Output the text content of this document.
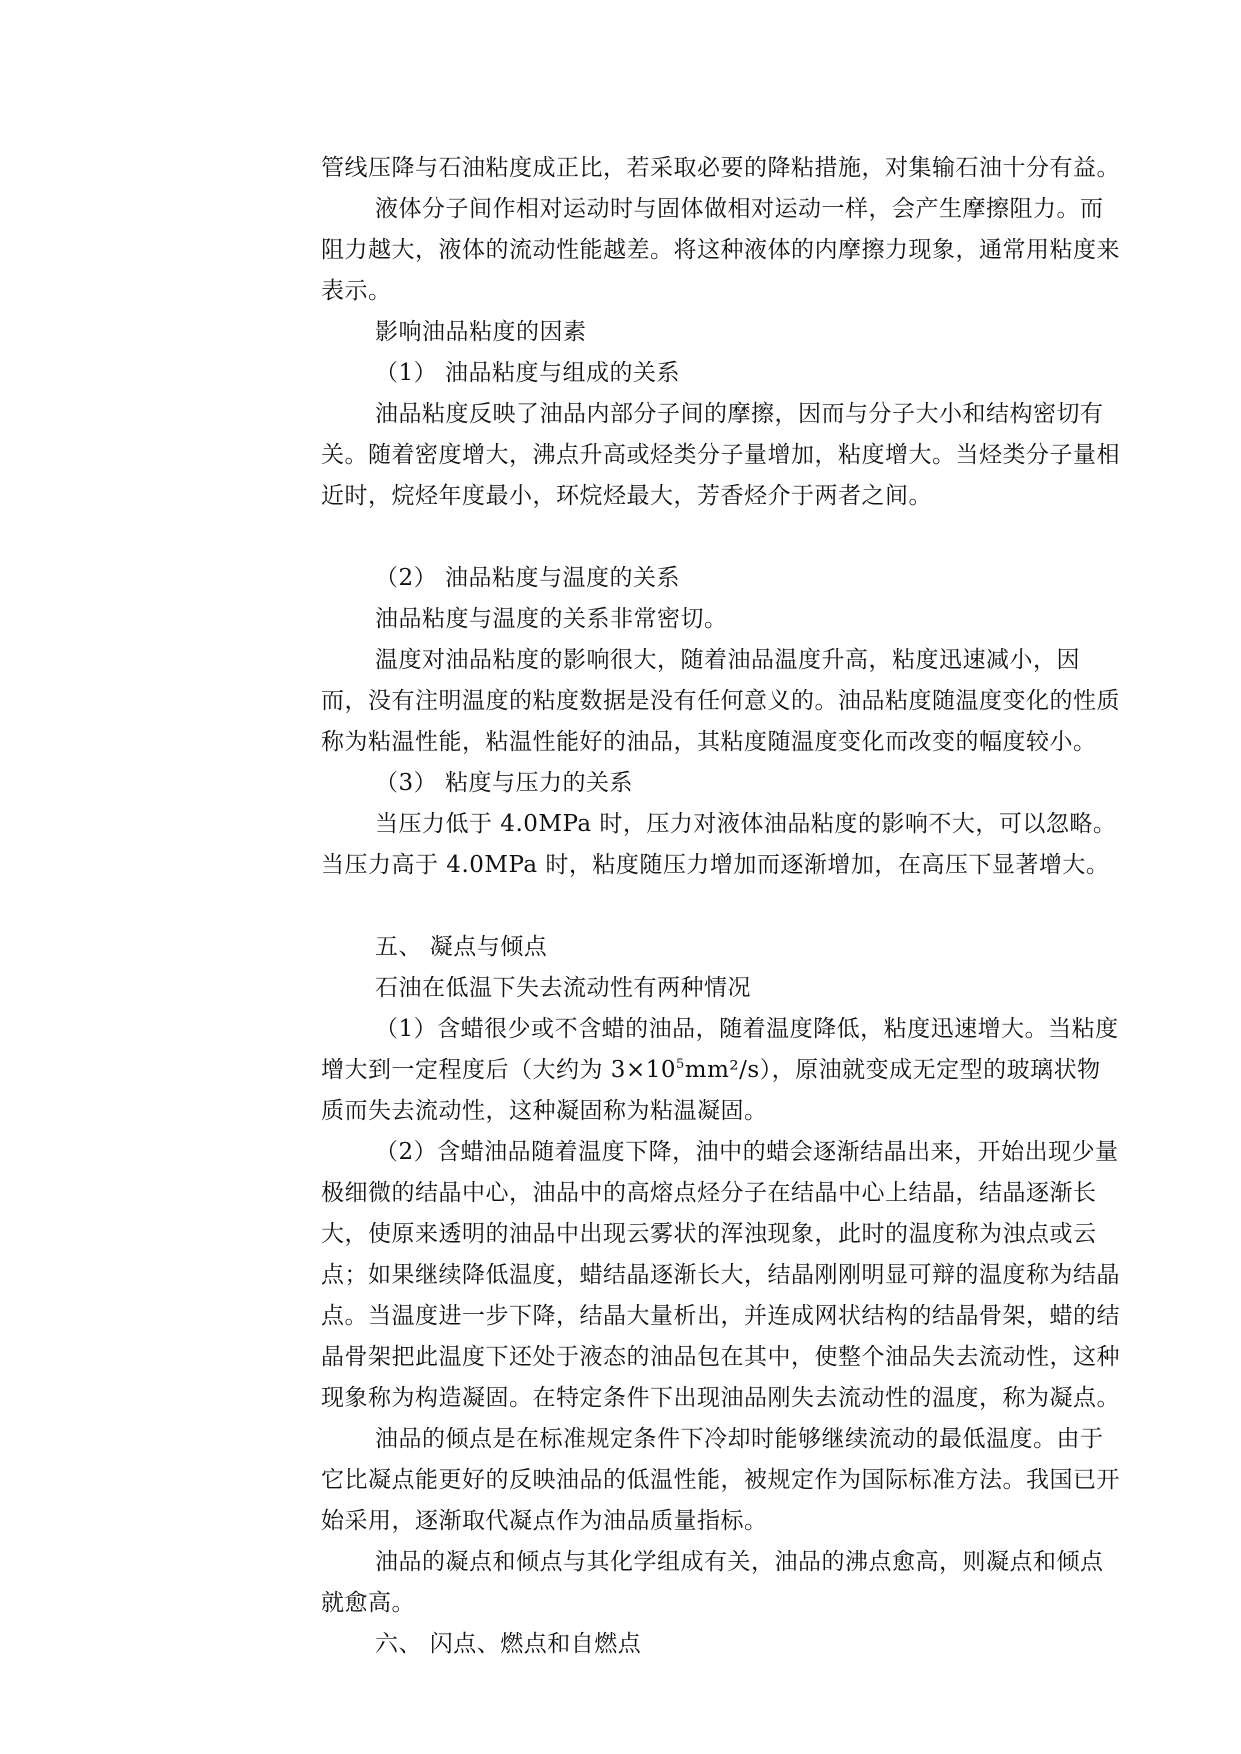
管线压降与石油粘度成正比，若采取必要的降粘措施，对集输石油十分有益。

液体分子间作相对运动时与固体做相对运动一样，会产生摩擦阻力。而阻力越大，液体的流动性能越差。将这种液体的内摩擦力现象，通常用粘度来表示。

影响油品粘度的因素

（1） 油品粘度与组成的关系

油品粘度反映了油品内部分子间的摩擦，因而与分子大小和结构密切有关。随着密度增大，沸点升高或烃类分子量增加，粘度增大。当烃类分子量相近时，烷烃年度最小，环烷烃最大，芳香烃介于两者之间。

（2） 油品粘度与温度的关系

油品粘度与温度的关系非常密切。

温度对油品粘度的影响很大，随着油品温度升高，粘度迅速减小，因而，没有注明温度的粘度数据是没有任何意义的。油品粘度随温度变化的性质称为粘温性能，粘温性能好的油品，其粘度随温度变化而改变的幅度较小。

（3） 粘度与压力的关系

当压力低于 4.0MPa 时，压力对液体油品粘度的影响不大，可以忽略。当压力高于 4.0MPa 时，粘度随压力增加而逐渐增加，在高压下显著增大。

五、 凝点与倾点

石油在低温下失去流动性有两种情况

（1）含蜡很少或不含蜡的油品，随着温度降低，粘度迅速增大。当粘度增大到一定程度后（大约为 $3\times 10^5mm^2/s$），原油就变成无定型的玻璃状物质而失去流动性，这种凝固称为粘温凝固。

（2）含蜡油品随着温度下降，油中的蜡会逐渐结晶出来，开始出现少量极细微的结晶中心，油品中的高熔点烃分子在结晶中心上结晶，结晶逐渐长大，使原来透明的油品中出现云雾状的浑浊现象，此时的温度称为浊点或云点；如果继续降低温度，蜡结晶逐渐长大，结晶刚刚明显可辩的温度称为结晶点。当温度进一步下降，结晶大量析出，并连成网状结构的结晶骨架，蜡的结晶骨架把此温度下还处于液态的油品包在其中，使整个油品失去流动性，这种现象称为构造凝固。在特定条件下出现油品刚失去流动性的温度，称为凝点。

油品的倾点是在标准规定条件下冷却时能够继续流动的最低温度。由于它比凝点能更好的反映油品的低温性能，被规定作为国际标准方法。我国已开始采用，逐渐取代凝点作为油品质量指标。

油品的凝点和倾点与其化学组成有关，油品的沸点愈高，则凝点和倾点就愈高。

六、 闪点、燃点和自燃点
